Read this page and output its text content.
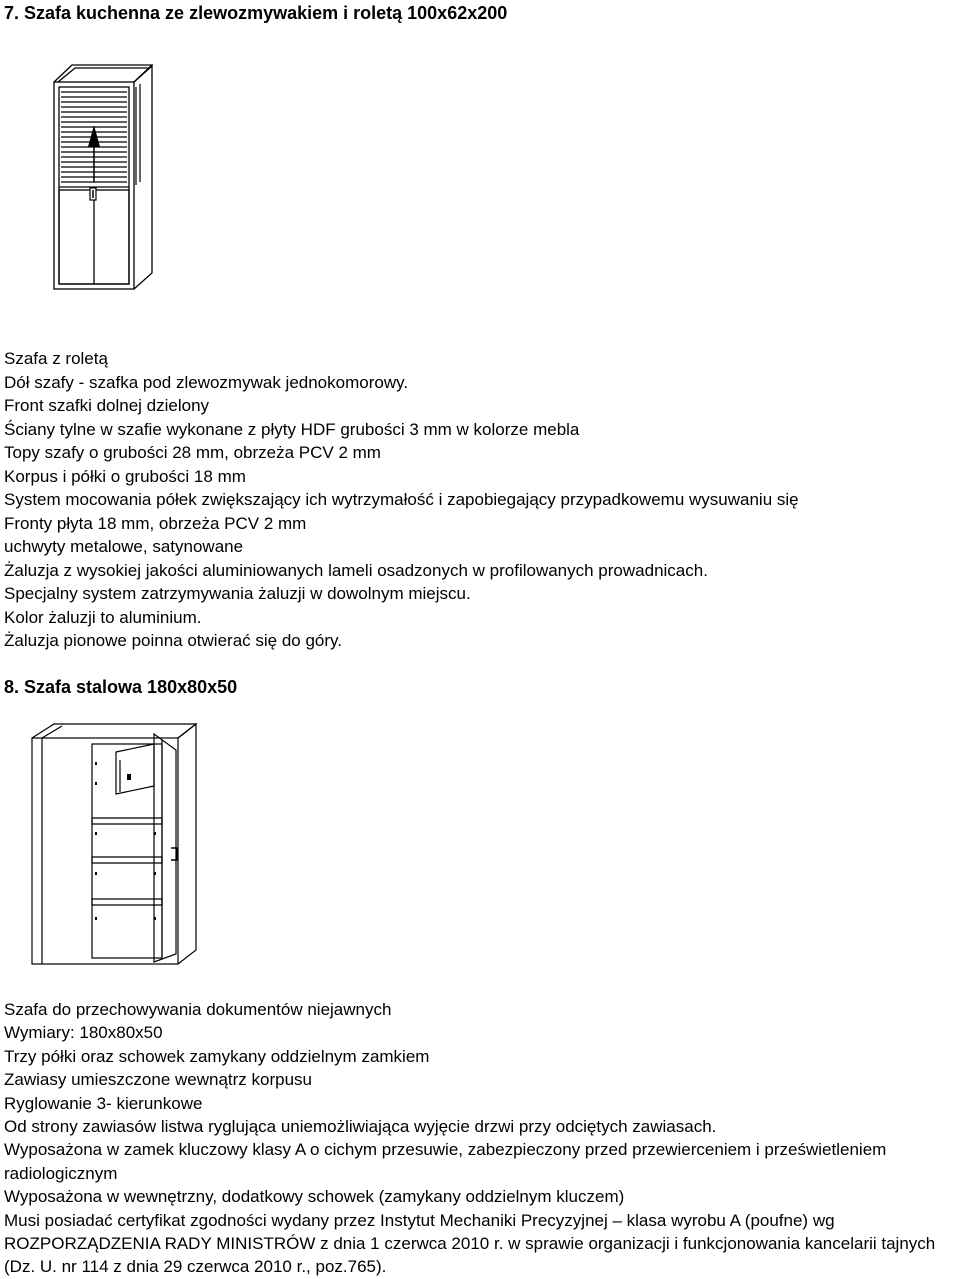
7. Szafa kuchenna ze zlewozmywakiem i roletą 100x62x200
Szafa z roletą
Dół szafy - szafka pod zlewozmywak jednokomorowy.
Front szafki dolnej dzielony
Ściany tylne w szafie wykonane z płyty HDF grubości 3 mm w kolorze mebla
Topy szafy o grubości 28 mm, obrzeża PCV 2 mm
Korpus i półki o grubości 18 mm
System mocowania półek zwiększający ich wytrzymałość i zapobiegający przypadkowemu wysuwaniu się
Fronty płyta 18 mm, obrzeża PCV 2 mm
uchwyty metalowe, satynowane
Żaluzja z wysokiej jakości aluminiowanych lameli osadzonych w profilowanych prowadnicach.
Specjalny system zatrzymywania żaluzji w dowolnym miejscu.
Kolor żaluzji to aluminium.
Żaluzja pionowe poinna otwierać się do góry.
8. Szafa stalowa 180x80x50
Szafa do przechowywania dokumentów niejawnych
Wymiary: 180x80x50
Trzy półki oraz schowek zamykany oddzielnym zamkiem
Zawiasy umieszczone wewnątrz korpusu
Ryglowanie 3- kierunkowe
Od strony zawiasów listwa ryglująca uniemożliwiająca wyjęcie drzwi przy odciętych zawiasach.
Wyposażona w zamek kluczowy klasy A o cichym przesuwie, zabezpieczony przed przewierceniem i prześwietleniem radiologicznym
Wyposażona w wewnętrzny, dodatkowy schowek (zamykany oddzielnym kluczem)
Musi posiadać certyfikat zgodności wydany przez Instytut Mechaniki Precyzyjnej – klasa wyrobu A (poufne) wg ROZPORZĄDZENIA RADY MINISTRÓW z dnia 1 czerwca 2010 r. w sprawie organizacji i funkcjonowania kancelarii tajnych (Dz. U. nr 114 z dnia 29 czerwca 2010 r., poz.765).
